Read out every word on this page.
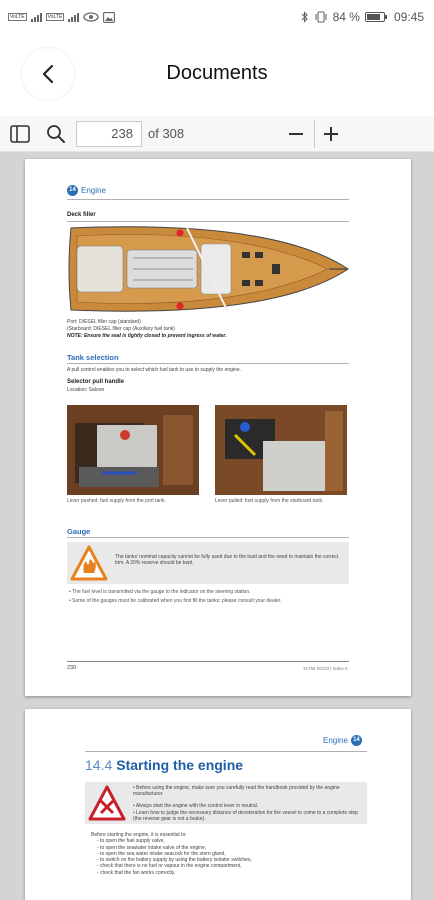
VoLTE	VoLTE	84 %	09:45
Documents
238	of 308
14 Engine
Deck filler
Port: DIESEL filler cap (standard)
(Starboard: DIESEL filler cap (Auxiliary fuel tank)
NOTE: Ensure the seal is tightly closed to prevent ingress of water.
Tank selection
A pull control enables you to select which fuel tank to use to supply the engine.
Selector pull handle
Location: Saloon
Lever pushed: fuel supply from the port tank.	Lever pulled: fuel supply from the starboard tank.
Gauge
The tanks' nominal capacity cannot be fully used due to the load and the need to maintain the correct trim. A 20% reserve should be kept.
• The fuel level is transmitted via the gauge to the indicator on the steering station.
• Some of the gauges must be calibrated when you first fill the tanks: please consult your dealer.
230	31756 RCD3 | Index A
Engine 14
14.4 Starting the engine
• Before using the engine, make sure you carefully read the handbook provided by the engine manufacturer.
• Always start the engine with the control lever in neutral.
• Learn how to judge the necessary distance of deceleration for the vessel to come to a complete stop (the reverse gear is not a brake).
Before starting the engine, it is essential to:
- to open the fuel supply valve,
- to open the seawater intake valve of the engine,
- to open the sea water intake seacock for the stern gland,
- to switch on the battery supply by using the battery isolator switches,
- check that there is no fuel or vapour in the engine compartment,
- check that the fan works correctly.
